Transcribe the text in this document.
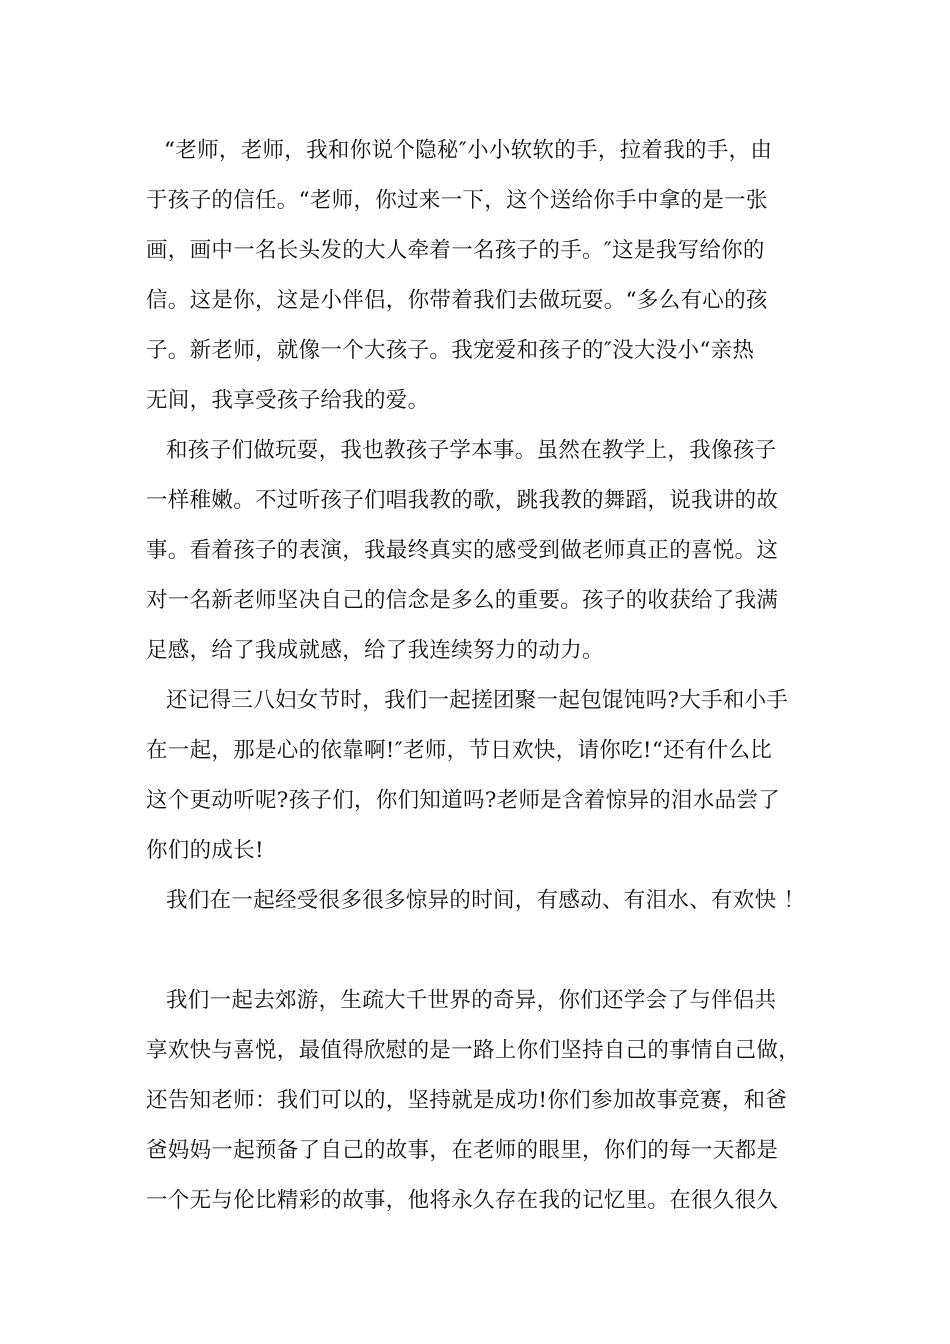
“老师，老师，我和你说个隐秘″小小软软的手，拉着我的手，由
于孩子的信任。“老师，你过来一下，这个送给你手中拿的是一张
画，画中一名长头发的大人牵着一名孩子的手。″这是我写给你的
信。这是你，这是小伴侣，你带着我们去做玩耍。“多么有心的孩
子。新老师，就像一个大孩子。我宠爱和孩子的″没大没小“亲热
无间，我享受孩子给我的爱。
和孩子们做玩耍，我也教孩子学本事。虽然在教学上，我像孩子
一样稚嫩。不过听孩子们唱我教的歌，跳我教的舞蹈，说我讲的故
事。看着孩子的表演，我最终真实的感受到做老师真正的喜悦。这
对一名新老师坚决自己的信念是多么的重要。孩子的收获给了我满
足感，给了我成就感，给了我连续努力的动力。
还记得三八妇女节时，我们一起搓团聚一起包馄饨吗?大手和小手
在一起，那是心的依靠啊!″老师，节日欢快，请你吃!“还有什么比
这个更动听呢?孩子们，你们知道吗?老师是含着惊异的泪水品尝了
你们的成长!
我们在一起经受很多很多惊异的时间，有感动、有泪水、有欢快 ！
我们一起去郊游，生疏大千世界的奇异，你们还学会了与伴侣共
享欢快与喜悦，最值得欣慰的是一路上你们坚持自己的事情自己做，
还告知老师：我们可以的，坚持就是成功!你们参加故事竞赛，和爸
爸妈妈一起预备了自己的故事，在老师的眼里，你们的每一天都是
一个无与伦比精彩的故事，他将永久存在我的记忆里。在很久很久
